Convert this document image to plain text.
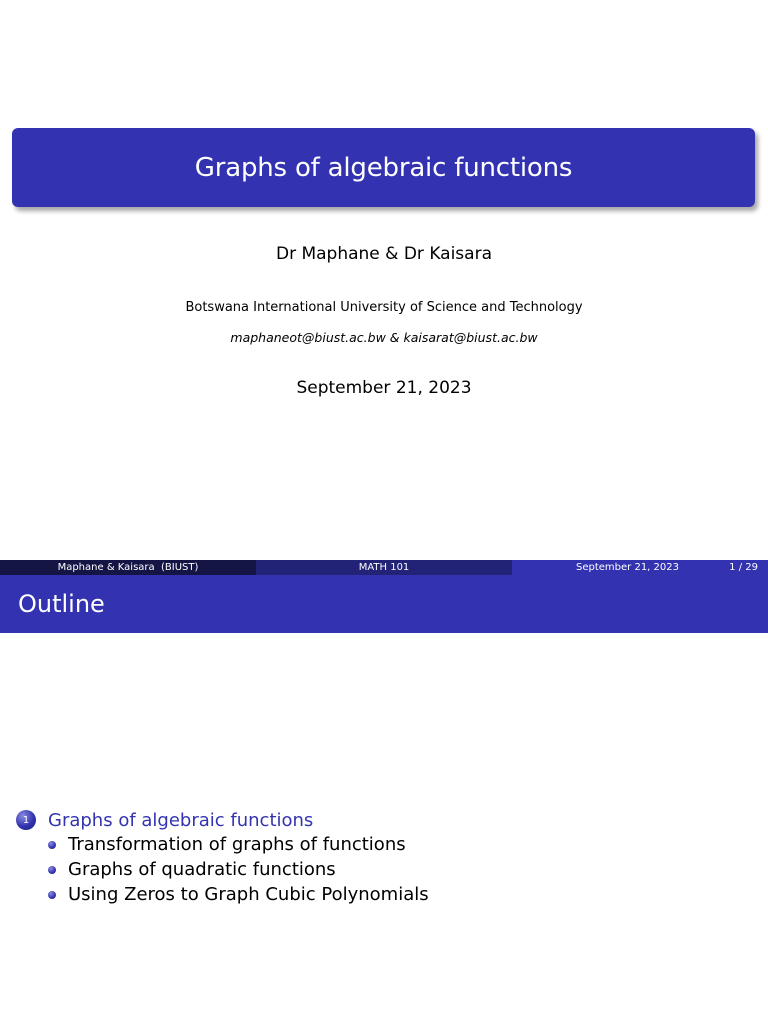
Graphs of algebraic functions
Dr Maphane & Dr Kaisara
Botswana International University of Science and Technology
maphaneot@biust.ac.bw & kaisarat@biust.ac.bw
September 21, 2023
Maphane & Kaisara  (BIUST)	MATH 101	September 21, 2023	1 / 29
Outline
1 Graphs of algebraic functions
Transformation of graphs of functions
Graphs of quadratic functions
Using Zeros to Graph Cubic Polynomials
